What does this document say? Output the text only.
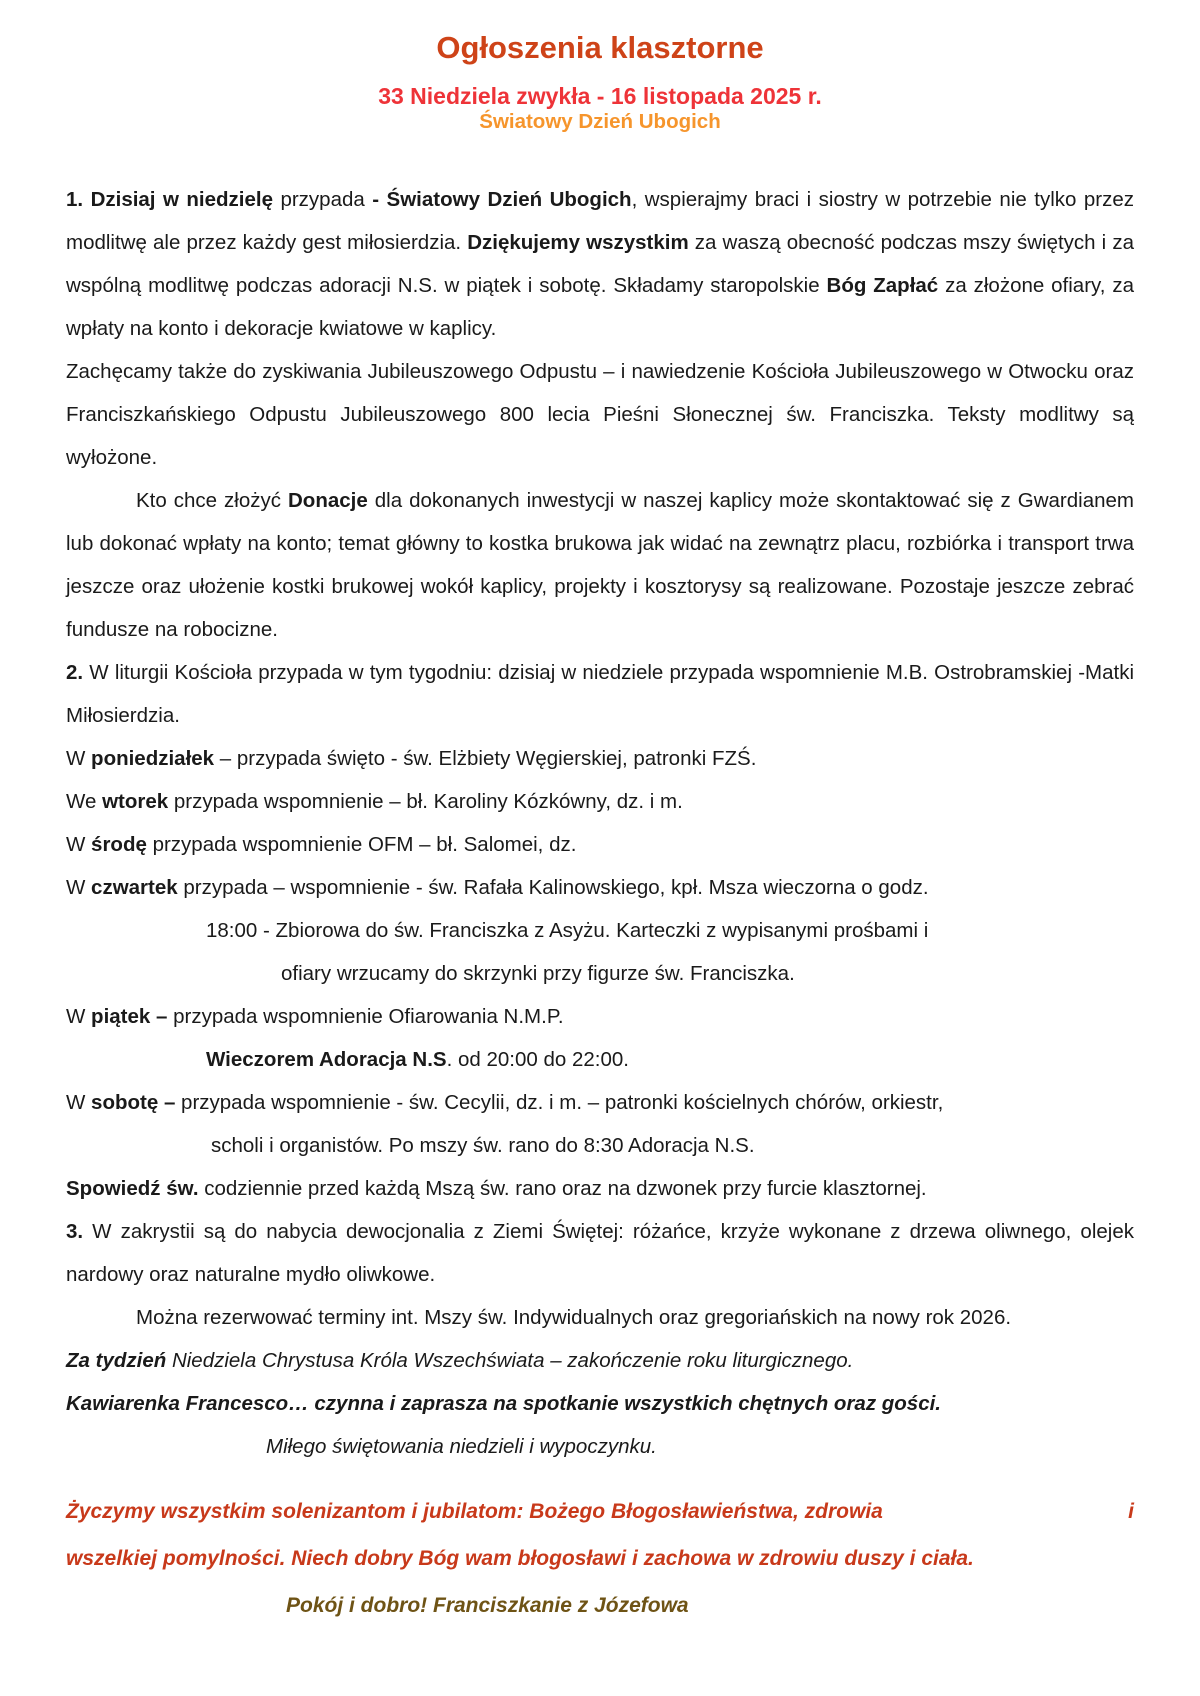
Ogłoszenia klasztorne
33 Niedziela zwykła - 16 listopada 2025 r.
Światowy Dzień Ubogich

1. Dzisiaj w niedzielę przypada - Światowy Dzień Ubogich, wspierajmy braci i siostry w potrzebie nie tylko przez modlitwę ale przez każdy gest miłosierdzia. Dziękujemy wszystkim za waszą obecność podczas mszy świętych i za wspólną modlitwę podczas adoracji N.S. w piątek i sobotę. Składamy staropolskie Bóg Zapłać za złożone ofiary, za wpłaty na konto i dekoracje kwiatowe w kaplicy.

Zachęcamy także do zyskiwania Jubileuszowego Odpustu – i nawiedzenie Kościoła Jubileuszowego w Otwocku oraz Franciszkańskiego Odpustu Jubileuszowego 800 lecia Pieśni Słonecznej św. Franciszka. Teksty modlitwy są wyłożone.

Kto chce złożyć Donacje dla dokonanych inwestycji w naszej kaplicy może skontaktować się z Gwardianem lub dokonać wpłaty na konto; temat główny to kostka brukowa jak widać na zewnątrz placu, rozbiórka i transport trwa jeszcze oraz ułożenie kostki brukowej wokół kaplicy, projekty i kosztorysy są realizowane. Pozostaje jeszcze zebrać fundusze na robocizne.

2. W liturgii Kościoła przypada w tym tygodniu: dzisiaj w niedziele przypada wspomnienie M.B. Ostrobramskiej -Matki Miłosierdzia.

W poniedziałek – przypada święto - św. Elżbiety Węgierskiej, patronki FZŚ.

We wtorek przypada wspomnienie – bł. Karoliny Kózkówny, dz. i m.

W środę przypada wspomnienie OFM – bł. Salomei, dz.

W czwartek przypada – wspomnienie - św. Rafała Kalinowskiego, kpł. Msza wieczorna o godz.

18:00 - Zbiorowa do św. Franciszka z Asyżu. Karteczki z wypisanymi prośbami i

ofiary wrzucamy do skrzynki przy figurze św. Franciszka.

W piątek – przypada wspomnienie Ofiarowania N.M.P.

Wieczorem Adoracja N.S. od 20:00 do 22:00.

W sobotę – przypada wspomnienie - św. Cecylii, dz. i m. – patronki kościelnych chórów, orkiestr,

scholi i organistów. Po mszy św. rano do 8:30 Adoracja N.S.

Spowiedź św. codziennie przed każdą Mszą św. rano oraz na dzwonek przy furcie klasztornej.

3. W zakrystii są do nabycia dewocjonalia z Ziemi Świętej: różańce, krzyże wykonane z drzewa oliwnego, olejek nardowy oraz naturalne mydło oliwkowe.

Można rezerwować terminy int. Mszy św. Indywidualnych oraz gregoriańskich na nowy rok 2026.

Za tydzień Niedziela Chrystusa Króla Wszechświata – zakończenie roku liturgicznego.

Kawiarenka Francesco… czynna i zaprasza na spotkanie wszystkich chętnych oraz gości.

Miłego świętowania niedzieli i wypoczynku.

Życzymy wszystkim solenizantom i jubilatom: Bożego Błogosławieństwa, zdrowia	i
wszelkiej pomylności. Niech dobry Bóg wam błogosławi i zachowa w zdrowiu duszy i ciała.
Pokój i dobro! Franciszkanie z Józefowa
